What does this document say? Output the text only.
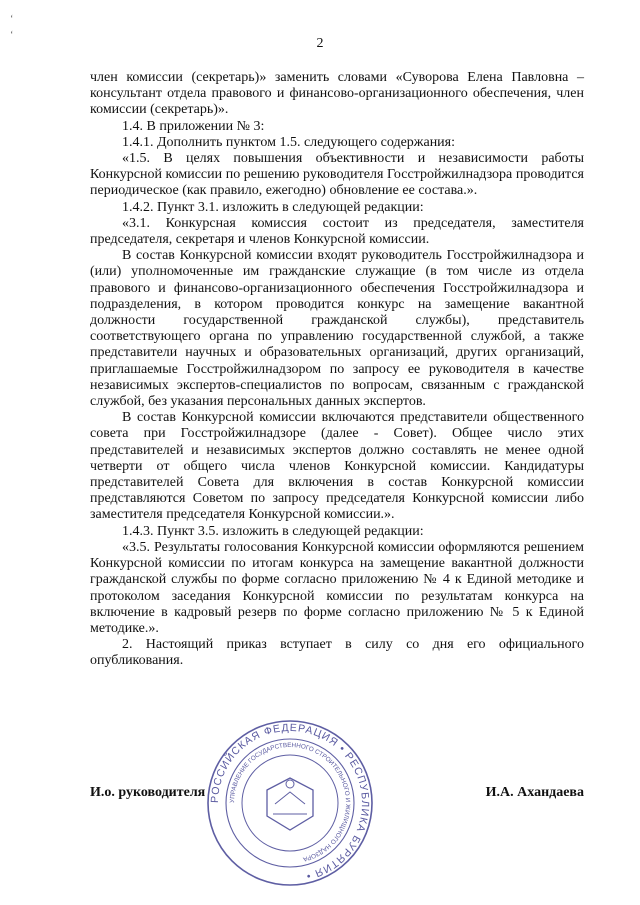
ʻ
ʻ
2

член комиссии (секретарь)» заменить словами «Суворова Елена Павловна – консультант отдела правового и финансово-организационного обеспечения, член комиссии (секретарь)».

1.4. В приложении № 3:

1.4.1. Дополнить пунктом 1.5. следующего содержания:

«1.5. В целях повышения объективности и независимости работы Конкурсной комиссии по решению руководителя Госстройжилнадзора проводится периодическое (как правило, ежегодно) обновление ее состава.».

1.4.2. Пункт 3.1. изложить в следующей редакции:

«3.1. Конкурсная комиссия состоит из председателя, заместителя председателя, секретаря и членов Конкурсной комиссии.

В состав Конкурсной комиссии входят руководитель Госстройжилнадзора и (или) уполномоченные им гражданские служащие (в том числе из отдела правового и финансово-организационного обеспечения Госстройжилнадзора и подразделения, в котором проводится конкурс на замещение вакантной должности государственной гражданской службы), представитель соответствующего органа по управлению государственной службой, а также представители научных и образовательных организаций, других организаций, приглашаемые Госстройжилнадзором по запросу ее руководителя в качестве независимых экспертов-специалистов по вопросам, связанным с гражданской службой, без указания персональных данных экспертов.

В состав Конкурсной комиссии включаются представители общественного совета при Госстройжилнадзоре (далее - Совет). Общее число этих представителей и независимых экспертов должно составлять не менее одной четверти от общего числа членов Конкурсной комиссии. Кандидатуры представителей Совета для включения в состав Конкурсной комиссии представляются Советом по запросу председателя Конкурсной комиссии либо заместителя председателя Конкурсной комиссии.».

1.4.3. Пункт 3.5. изложить в следующей редакции:

«3.5. Результаты голосования Конкурсной комиссии оформляются решением Конкурсной комиссии по итогам конкурса на замещение вакантной должности гражданской службы по форме согласно приложению № 4 к Единой методике и протоколом заседания Конкурсной комиссии по результатам конкурса на включение в кадровый резерв по форме согласно приложению № 5 к Единой методике.».

2. Настоящий приказ вступает в силу со дня его официального опубликования.

РОССИЙСКАЯ ФЕДЕРАЦИЯ • РЕСПУБЛИКА БУРЯТИЯ •
УПРАВЛЕНИЕ ГОСУДАРСТВЕННОГО СТРОИТЕЛЬНОГО И ЖИЛИЩНОГО НАДЗОРА
И.о. руководителя	И.А. Ахандаева
